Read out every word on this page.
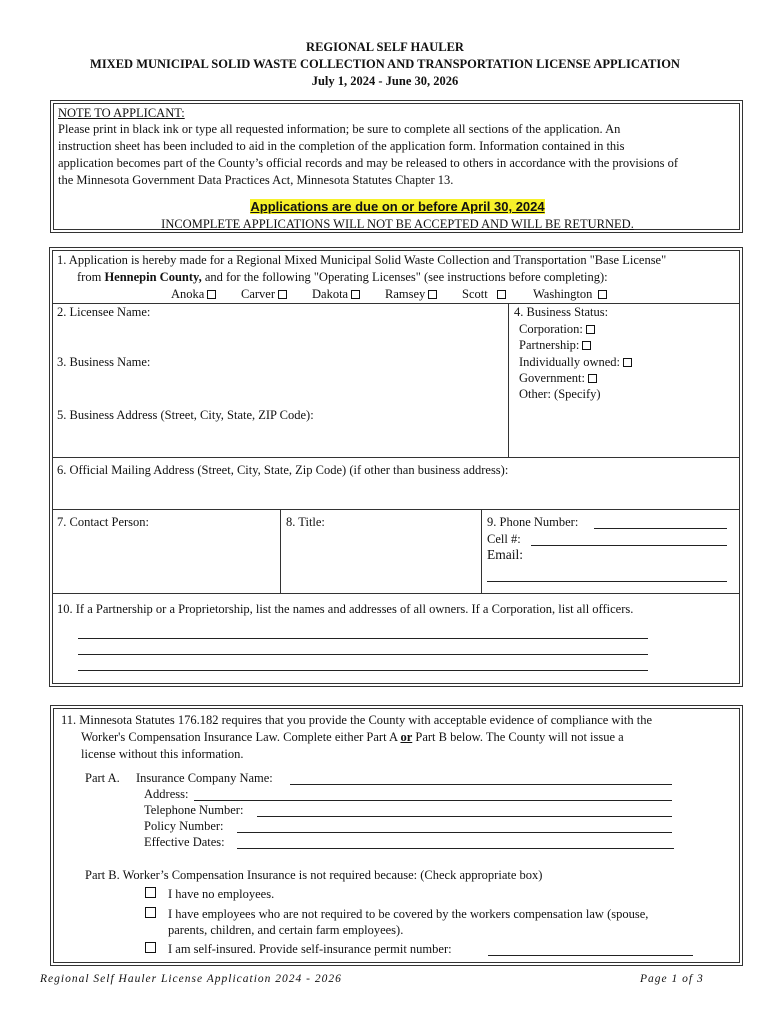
REGIONAL SELF HAULER
MIXED MUNICIPAL SOLID WASTE COLLECTION AND TRANSPORTATION LICENSE APPLICATION
July 1, 2024 - June 30, 2026
NOTE TO APPLICANT:
Please print in black ink or type all requested information; be sure to complete all sections of the application. An
instruction sheet has been included to aid in the completion of the application form. Information contained in this
application becomes part of the County’s official records and may be released to others in accordance with the provisions of
the Minnesota Government Data Practices Act, Minnesota Statutes Chapter 13.
Applications are due on or before April 30, 2024
INCOMPLETE APPLICATIONS WILL NOT BE ACCEPTED AND WILL BE RETURNED.
1. Application is hereby made for a Regional Mixed Municipal Solid Waste Collection and Transportation "Base License"
from Hennepin County, and for the following "Operating Licenses" (see instructions before completing):
Anoka	Carver	Dakota	Ramsey	Scott	Washington
2. Licensee Name:
3. Business Name:
5. Business Address (Street, City, State, ZIP Code):
4. Business Status:
Corporation:
Partnership:
Individually owned:
Government:
Other: (Specify)
6. Official Mailing Address (Street, City, State, Zip Code) (if other than business address):
7. Contact Person:	8. Title:	9. Phone Number:
Cell #:
Email:
10. If a Partnership or a Proprietorship, list the names and addresses of all owners. If a Corporation, list all officers.
11. Minnesota Statutes 176.182 requires that you provide the County with acceptable evidence of compliance with the
Worker's Compensation Insurance Law. Complete either Part A or Part B below. The County will not issue a
license without this information.
Part A. Insurance Company Name:
Address:
Telephone Number:
Policy Number:
Effective Dates:
Part B. Worker’s Compensation Insurance is not required because: (Check appropriate box)
I have no employees.
I have employees who are not required to be covered by the workers compensation law (spouse,
parents, children, and certain farm employees).
I am self-insured. Provide self-insurance permit number:
Regional Self Hauler License Application 2024 - 2026	Page 1 of 3
